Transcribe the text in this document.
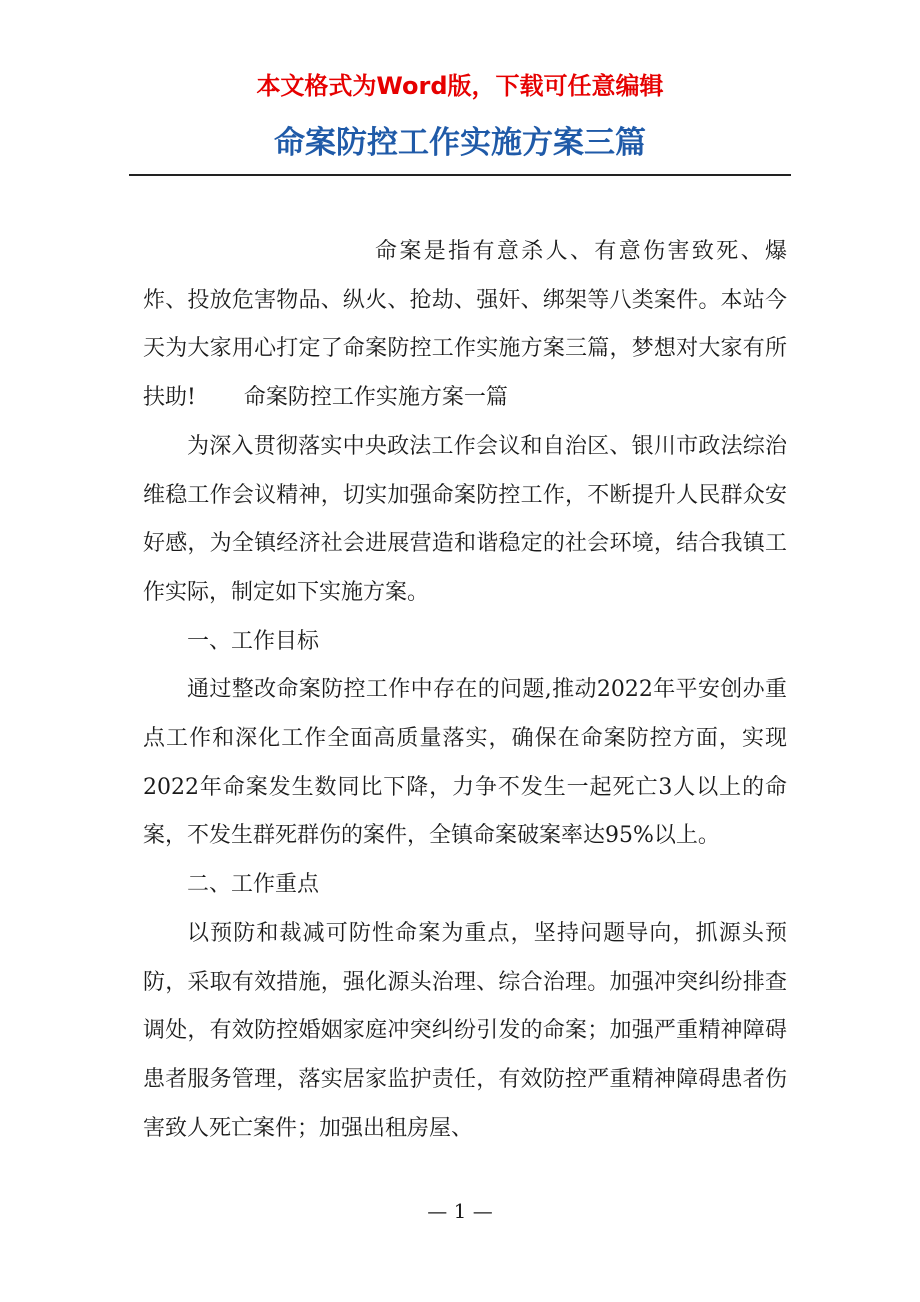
本文格式为Word版，下载可任意编辑
命案防控工作实施方案三篇

命案是指有意杀人、有意伤害致死、爆炸、投放危害物品、纵火、抢劫、强奸、绑架等八类案件。本站今天为大家用心打定了命案防控工作实施方案三篇，梦想对大家有所扶助! 命案防控工作实施方案一篇

为深入贯彻落实中央政法工作会议和自治区、银川市政法综治维稳工作会议精神，切实加强命案防控工作，不断提升人民群众安好感，为全镇经济社会进展营造和谐稳定的社会环境，结合我镇工作实际，制定如下实施方案。

一、工作目标

通过整改命案防控工作中存在的问题,推动2022年平安创办重点工作和深化工作全面高质量落实，确保在命案防控方面，实现2022年命案发生数同比下降，力争不发生一起死亡3人以上的命案，不发生群死群伤的案件，全镇命案破案率达95%以上。

二、工作重点

以预防和裁减可防性命案为重点，坚持问题导向，抓源头预防，采取有效措施，强化源头治理、综合治理。加强冲突纠纷排查调处，有效防控婚姻家庭冲突纠纷引发的命案；加强严重精神障碍患者服务管理，落实居家监护责任，有效防控严重精神障碍患者伤害致人死亡案件；加强出租房屋、

— 1 —
